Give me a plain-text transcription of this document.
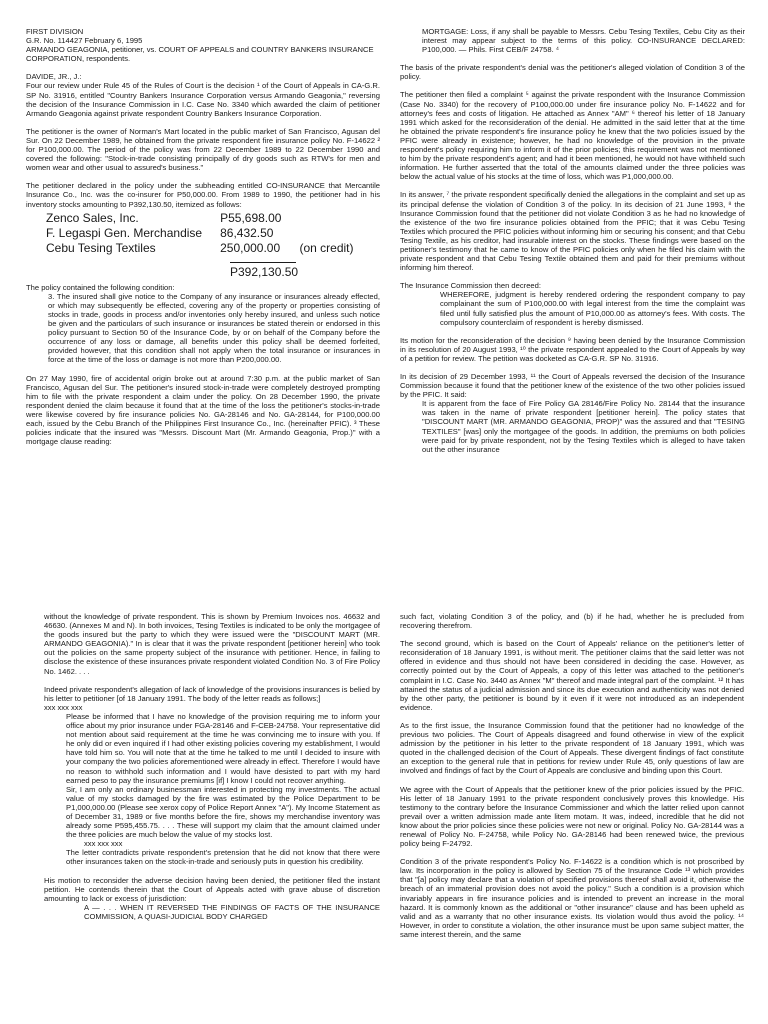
FIRST DIVISION

G.R. No. 114427 February 6, 1995

ARMANDO GEAGONIA, petitioner, vs. COURT OF APPEALS and COUNTRY BANKERS INSURANCE CORPORATION, respondents.

DAVIDE, JR., J.:

Four our review under Rule 45 of the Rules of Court is the decision ¹ of the Court of Appeals in CA-G.R. SP No. 31916, entitled "Country Bankers Insurance Corporation versus Armando Geagonia," reversing the decision of the Insurance Commission in I.C. Case No. 3340 which awarded the claim of petitioner Armando Geagonia against private respondent Country Bankers Insurance Corporation.

The petitioner is the owner of Norman's Mart located in the public market of San Francisco, Agusan del Sur. On 22 December 1989, he obtained from the private respondent fire insurance policy No. F-14622 ² for P100,000.00. The period of the policy was from 22 December 1989 to 22 December 1990 and covered the following: "Stock-in-trade consisting principally of dry goods such as RTW's for men and women wear and other usual to assured's business."

The petitioner declared in the policy under the subheading entitled CO-INSURANCE that Mercantile Insurance Co., Inc. was the co-insurer for P50,000.00. From 1989 to 1990, the petitioner had in his inventory stocks amounting to P392,130.50, itemized as follows:

Zenco Sales, Inc.	P55,698.00	
F. Legaspi Gen. Merchandise	86,432.50	
Cebu Tesing Textiles	250,000.00	(on credit)
P392,130.50

The policy contained the following condition:

3. The insured shall give notice to the Company of any insurance or insurances already effected, or which may subsequently be effected, covering any of the property or properties consisting of stocks in trade, goods in process and/or inventories only hereby insured, and unless such notice be given and the particulars of such insurance or insurances be stated therein or endorsed in this policy pursuant to Section 50 of the Insurance Code, by or on behalf of the Company before the occurrence of any loss or damage, all benefits under this policy shall be deemed forfeited, provided however, that this condition shall not apply when the total insurance or insurances in force at the time of the loss or damage is not more than P200,000.00.

On 27 May 1990, fire of accidental origin broke out at around 7:30 p.m. at the public market of San Francisco, Agusan del Sur. The petitioner's insured stock-in-trade were completely destroyed prompting him to file with the private respondent a claim under the policy. On 28 December 1990, the private respondent denied the claim because it found that at the time of the loss the petitioner's stocks-in-trade were likewise covered by fire insurance policies No. GA-28146 and No. GA-28144, for P100,000.00 each, issued by the Cebu Branch of the Philippines First Insurance Co., Inc. (hereinafter PFIC). ³ These policies indicate that the insured was "Messrs. Discount Mart (Mr. Armando Geagonia, Prop.)" with a mortgage clause reading:

MORTGAGE: Loss, if any shall be payable to Messrs. Cebu Tesing Textiles, Cebu City as their interest may appear subject to the terms of this policy. CO-INSURANCE DECLARED: P100,000. — Phils. First CEB/F 24758. ⁴

The basis of the private respondent's denial was the petitioner's alleged violation of Condition 3 of the policy.

The petitioner then filed a complaint ⁵ against the private respondent with the Insurance Commission (Case No. 3340) for the recovery of P100,000.00 under fire insurance policy No. F-14622 and for attorney's fees and costs of litigation. He attached as Annex "AM" ⁶ thereof his letter of 18 January 1991 which asked for the reconsideration of the denial. He admitted in the said letter that at the time he obtained the private respondent's fire insurance policy he knew that the two policies issued by the PFIC were already in existence; however, he had no knowledge of the provision in the private respondent's policy requiring him to inform it of the prior policies; this requirement was not mentioned to him by the private respondent's agent; and had it been mentioned, he would not have withheld such information. He further asserted that the total of the amounts claimed under the three policies was below the actual value of his stocks at the time of loss, which was P1,000,000.00.

In its answer, ⁷ the private respondent specifically denied the allegations in the complaint and set up as its principal defense the violation of Condition 3 of the policy. In its decision of 21 June 1993, ⁸ the Insurance Commission found that the petitioner did not violate Condition 3 as he had no knowledge of the existence of the two fire insurance policies obtained from the PFIC; that it was Cebu Tesing Textiles which procured the PFIC policies without informing him or securing his consent; and that Cebu Tesing Textile, as his creditor, had insurable interest on the stocks. These findings were based on the petitioner's testimony that he came to know of the PFIC policies only when he filed his claim with the private respondent and that Cebu Tesing Textile obtained them and paid for their premiums without informing him thereof.

The Insurance Commission then decreed:

WHEREFORE, judgment is hereby rendered ordering the respondent company to pay complainant the sum of P100,000.00 with legal interest from the time the complaint was filed until fully satisfied plus the amount of P10,000.00 as attorney's fees. With costs. The compulsory counterclaim of respondent is hereby dismissed.

Its motion for the reconsideration of the decision ⁹ having been denied by the Insurance Commission in its resolution of 20 August 1993, ¹⁰ the private respondent appealed to the Court of Appeals by way of a petition for review. The petition was docketed as CA-G.R. SP No. 31916.

In its decision of 29 December 1993, ¹¹ the Court of Appeals reversed the decision of the Insurance Commission because it found that the petitioner knew of the existence of the two other policies issued by the PFIC. It said:

It is apparent from the face of Fire Policy GA 28146/Fire Policy No. 28144 that the insurance was taken in the name of private respondent [petitioner herein]. The policy states that "DISCOUNT MART (MR. ARMANDO GEAGONIA, PROP)" was the assured and that "TESING TEXTILES" [was] only the mortgagee of the goods. In addition, the premiums on both policies were paid for by private respondent, not by the Tesing Textiles which is alleged to have taken out the other insurance

without the knowledge of private respondent. This is shown by Premium Invoices nos. 46632 and 46630. (Annexes M and N). In both invoices, Tesing Textiles is indicated to be only the mortgagee of the goods insured but the party to which they were issued were the "DISCOUNT MART (MR. ARMANDO GEAGONIA)." In is clear that it was the private respondent [petitioner herein] who took out the policies on the same property subject of the insurance with petitioner. Hence, in failing to disclose the existence of these insurances private respondent violated Condition No. 3 of Fire Policy No. 1462. . . .

Indeed private respondent's allegation of lack of knowledge of the provisions insurances is belied by his letter to petitioner [of 18 January 1991. The body of the letter reads as follows;]

xxx xxx xxx

Please be informed that I have no knowledge of the provision requiring me to inform your office about my prior insurance under FGA-28146 and F-CEB-24758. Your representative did not mention about said requirement at the time he was convincing me to insure with you. If he only did or even inquired if I had other existing policies covering my establishment, I would have told him so. You will note that at the time he talked to me until I decided to insure with your company the two policies aforementioned were already in effect. Therefore I would have no reason to withhold such information and I would have desisted to part with my hard earned peso to pay the insurance premiums [if] I know I could not recover anything.

Sir, I am only an ordinary businessman interested in protecting my investments. The actual value of my stocks damaged by the fire was estimated by the Police Department to be P1,000,000.00 (Please see xerox copy of Police Report Annex "A"). My Income Statement as of December 31, 1989 or five months before the fire, shows my merchandise inventory was already some P595,455.75. . . . These will support my claim that the amount claimed under the three policies are much below the value of my stocks lost.

xxx xxx xxx

The letter contradicts private respondent's pretension that he did not know that there were other insurances taken on the stock-in-trade and seriously puts in question his credibility.

His motion to reconsider the adverse decision having been denied, the petitioner filed the instant petition. He contends therein that the Court of Appeals acted with grave abuse of discretion amounting to lack or excess of jurisdiction:

A — . . . WHEN IT REVERSED THE FINDINGS OF FACTS OF THE INSURANCE COMMISSION, A QUASI-JUDICIAL BODY CHARGED

such fact, violating Condition 3 of the policy, and (b) if he had, whether he is precluded from recovering therefrom.

The second ground, which is based on the Court of Appeals' reliance on the petitioner's letter of reconsideration of 18 January 1991, is without merit. The petitioner claims that the said letter was not offered in evidence and thus should not have been considered in deciding the case. However, as correctly pointed out by the Court of Appeals, a copy of this letter was attached to the petitioner's complaint in I.C. Case No. 3440 as Annex "M" thereof and made integral part of the complaint. ¹² It has attained the status of a judicial admission and since its due execution and authenticity was not denied by the other party, the petitioner is bound by it even if it were not introduced as an independent evidence.

As to the first issue, the Insurance Commission found that the petitioner had no knowledge of the previous two policies. The Court of Appeals disagreed and found otherwise in view of the explicit admission by the petitioner in his letter to the private respondent of 18 January 1991, which was quoted in the challenged decision of the Court of Appeals. These divergent findings of fact constitute an exception to the general rule that in petitions for review under Rule 45, only questions of law are involved and findings of fact by the Court of Appeals are conclusive and binding upon this Court.

We agree with the Court of Appeals that the petitioner knew of the prior policies issued by the PFIC. His letter of 18 January 1991 to the private respondent conclusively proves this knowledge. His testimony to the contrary before the Insurance Commissioner and which the latter relied upon cannot prevail over a written admission made ante litem motam. It was, indeed, incredible that he did not know about the prior policies since these policies were not new or original. Policy No. GA-28144 was a renewal of Policy No. F-24758, while Policy No. GA-28146 had been renewed twice, the previous policy being F-24792.

Condition 3 of the private respondent's Policy No. F-14622 is a condition which is not proscribed by law. Its incorporation in the policy is allowed by Section 75 of the Insurance Code ¹³ which provides that "[a] policy may declare that a violation of specified provisions thereof shall avoid it, otherwise the breach of an immaterial provision does not avoid the policy." Such a condition is a provision which invariably appears in fire insurance policies and is intended to prevent an increase in the moral hazard. It is commonly known as the additional or "other insurance" clause and has been upheld as valid and as a warranty that no other insurance exists. Its violation would thus avoid the policy. ¹⁴ However, in order to constitute a violation, the other insurance must be upon same subject matter, the same interest therein, and the same
